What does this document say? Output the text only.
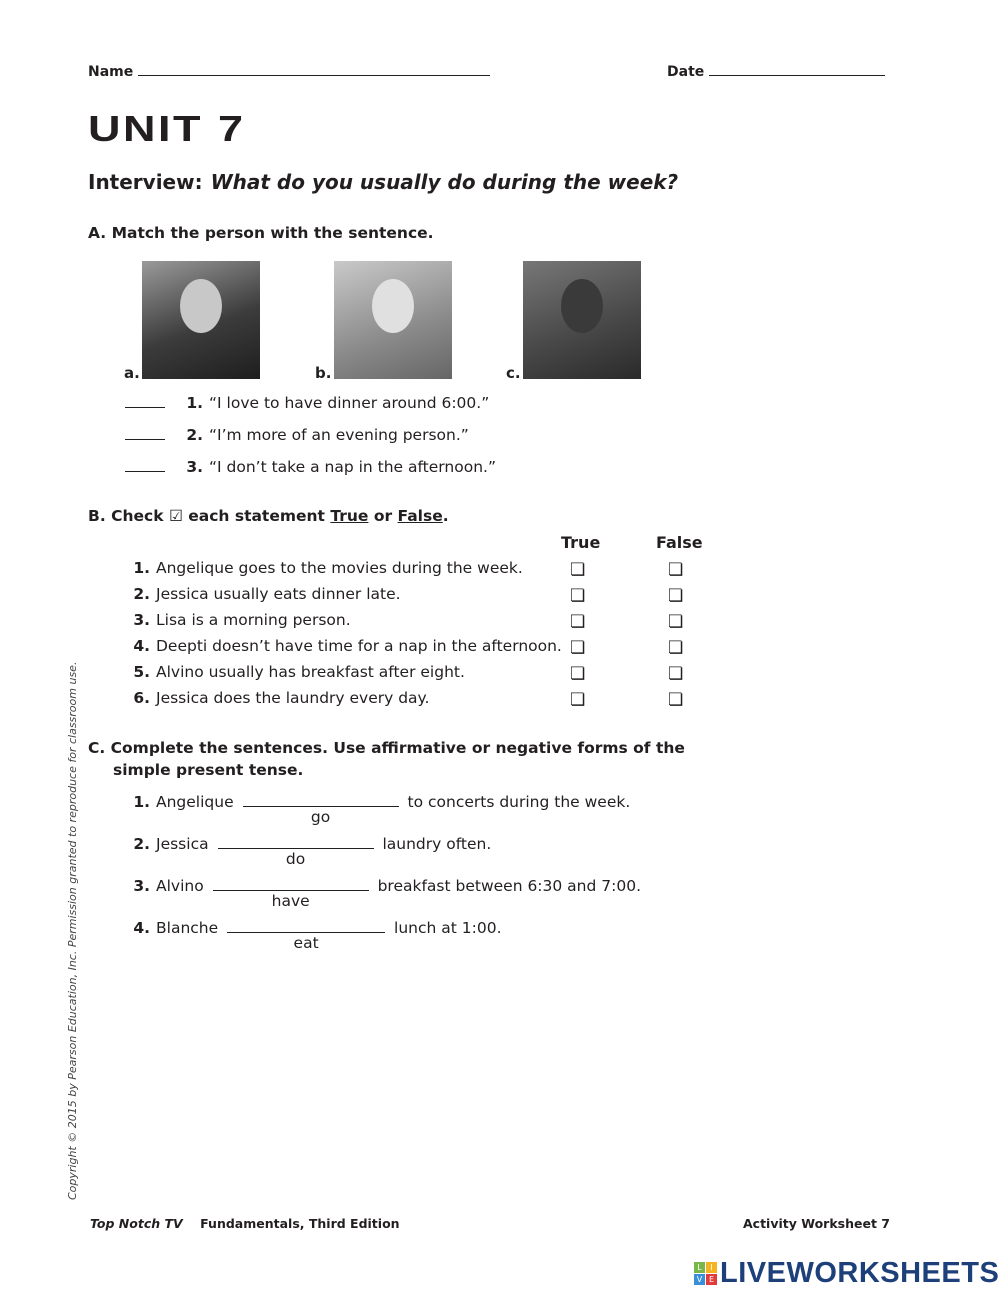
Name	Date
UNIT 7
Interview: What do you usually do during the week?
A. Match the person with the sentence.
a.	b.	c.
1. “I love to have dinner around 6:00.”
2. “I’m more of an evening person.”
3. “I don’t take a nap in the afternoon.”
B. Check ☑ each statement True or False.
True	False
1. Angelique goes to the movies during the week.	❏	❏
2. Jessica usually eats dinner late.	❏	❏
3. Lisa is a morning person.	❏	❏
4. Deepti doesn’t have time for a nap in the afternoon. ❏	❏
5. Alvino usually has breakfast after eight.	❏	❏
6. Jessica does the laundry every day.	❏	❏
C. Complete the sentences. Use affirmative or negative forms of the
simple present tense.
1. Angelique
go
to concerts during the week.
2. Jessica
do
laundry often.
3. Alvino
have
breakfast between 6:30 and 7:00.
4. Blanche
eat
lunch at 1:00.
Copyright © 2015 by Pearson Education, Inc. Permission granted to reproduce for classroom use.
Top Notch TV Fundamentals, Third Edition	Activity Worksheet 7
L	I
V E LIVEWORKSHEETS
